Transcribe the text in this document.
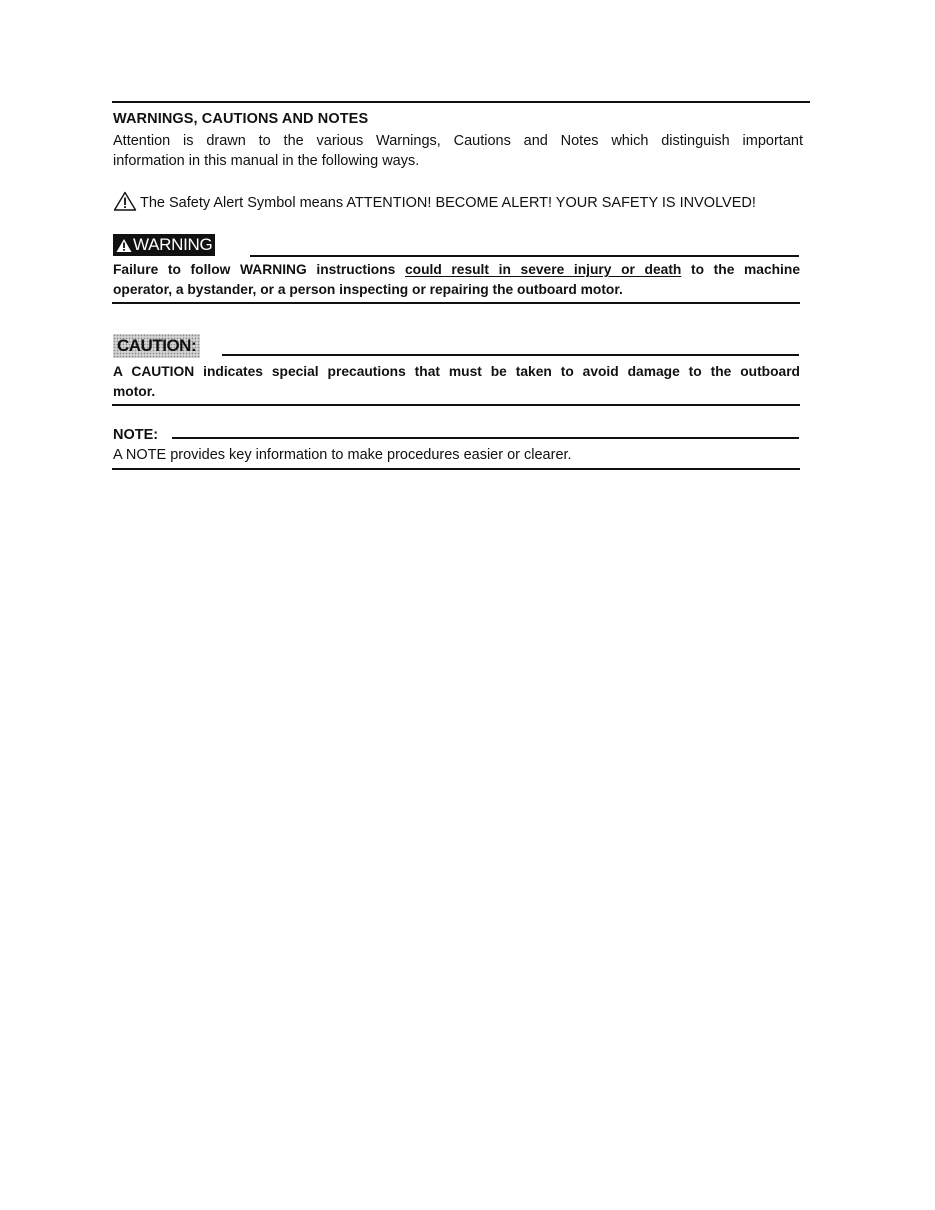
WARNINGS, CAUTIONS AND NOTES
Attention is drawn to the various Warnings, Cautions and Notes which distinguish important
information in this manual in the following ways.
The Safety Alert Symbol means ATTENTION! BECOME ALERT! YOUR SAFETY IS INVOLVED!
WARNING
Failure to follow WARNING instructions could result in severe injury or death to the machine
operator, a bystander, or a person inspecting or repairing the outboard motor.
CAUTION:
A CAUTION indicates special precautions that must be taken to avoid damage to the outboard
motor.
NOTE:
A NOTE provides key information to make procedures easier or clearer.
